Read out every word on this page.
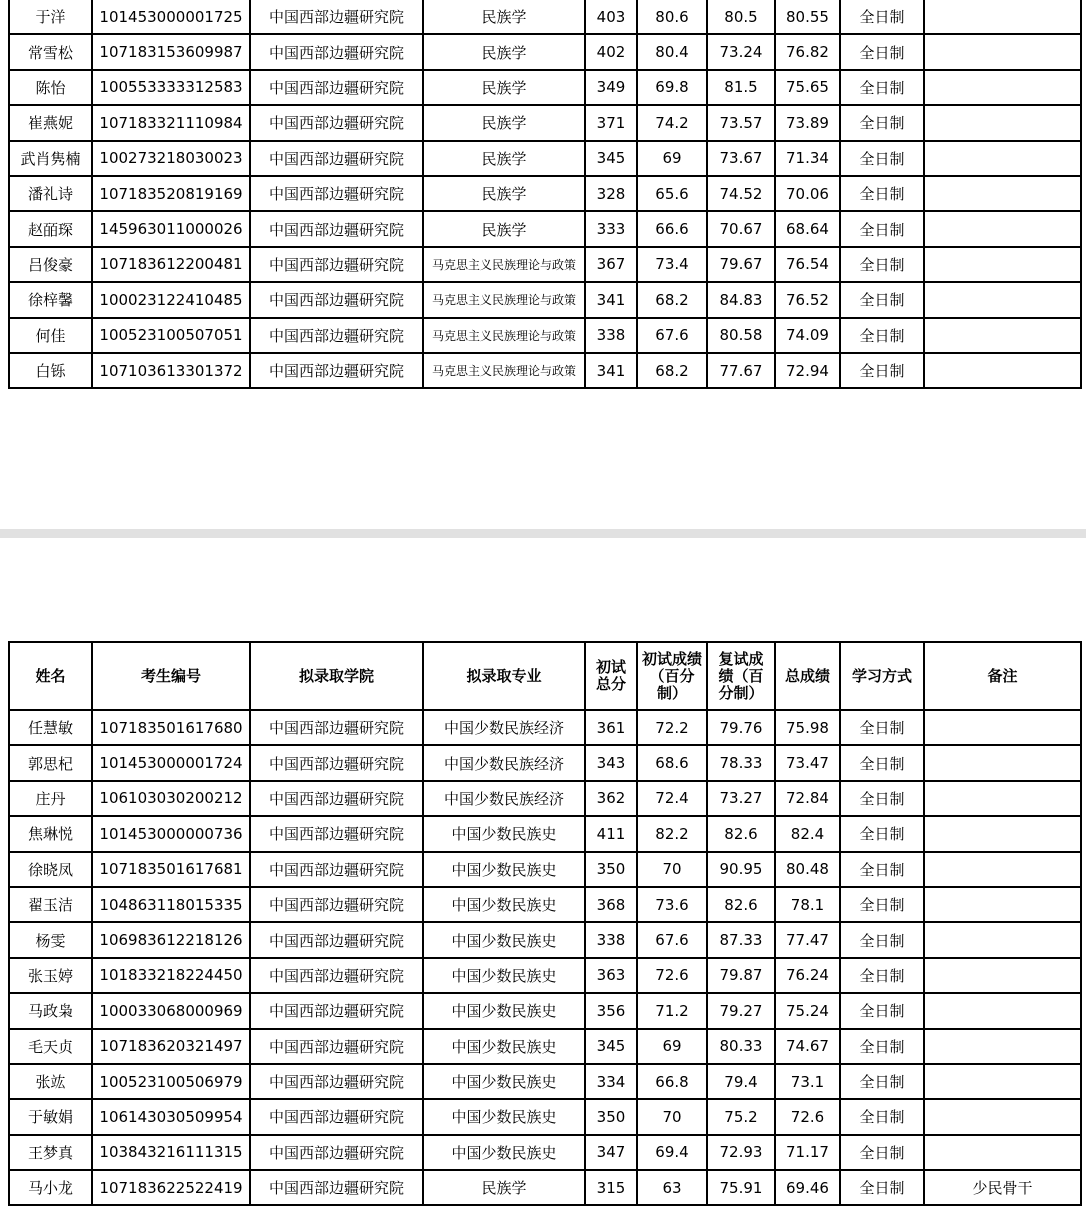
于洋	101453000001725	中国西部边疆研究院	民族学	403	80.6	80.5	80.55	全日制	
常雪松	107183153609987	中国西部边疆研究院	民族学	402	80.4	73.24	76.82	全日制	
陈怡	100553333312583	中国西部边疆研究院	民族学	349	69.8	81.5	75.65	全日制	
崔燕妮	107183321110984	中国西部边疆研究院	民族学	371	74.2	73.57	73.89	全日制	
武肖隽楠	100273218030023	中国西部边疆研究院	民族学	345	69	73.67	71.34	全日制	
潘礼诗	107183520819169	中国西部边疆研究院	民族学	328	65.6	74.52	70.06	全日制	
赵皕琛	145963011000026	中国西部边疆研究院	民族学	333	66.6	70.67	68.64	全日制	
吕俊豪	107183612200481	中国西部边疆研究院	马克思主义民族理论与政策	367	73.4	79.67	76.54	全日制	
徐梓馨	100023122410485	中国西部边疆研究院	马克思主义民族理论与政策	341	68.2	84.83	76.52	全日制	
何佳	100523100507051	中国西部边疆研究院	马克思主义民族理论与政策	338	67.6	80.58	74.09	全日制	
白铄	107103613301372	中国西部边疆研究院	马克思主义民族理论与政策	341	68.2	77.67	72.94	全日制	
姓名	考生编号	拟录取学院	拟录取专业	初试总分	初试成绩（百分制）	复试成绩（百分制）	总成绩	学习方式	备注
任慧敏	107183501617680	中国西部边疆研究院	中国少数民族经济	361	72.2	79.76	75.98	全日制	
郭思杞	101453000001724	中国西部边疆研究院	中国少数民族经济	343	68.6	78.33	73.47	全日制	
庄丹	106103030200212	中国西部边疆研究院	中国少数民族经济	362	72.4	73.27	72.84	全日制	
焦琳悦	101453000000736	中国西部边疆研究院	中国少数民族史	411	82.2	82.6	82.4	全日制	
徐晓凤	107183501617681	中国西部边疆研究院	中国少数民族史	350	70	90.95	80.48	全日制	
翟玉洁	104863118015335	中国西部边疆研究院	中国少数民族史	368	73.6	82.6	78.1	全日制	
杨雯	106983612218126	中国西部边疆研究院	中国少数民族史	338	67.6	87.33	77.47	全日制	
张玉婷	101833218224450	中国西部边疆研究院	中国少数民族史	363	72.6	79.87	76.24	全日制	
马政枭	100033068000969	中国西部边疆研究院	中国少数民族史	356	71.2	79.27	75.24	全日制	
毛天贞	107183620321497	中国西部边疆研究院	中国少数民族史	345	69	80.33	74.67	全日制	
张竑	100523100506979	中国西部边疆研究院	中国少数民族史	334	66.8	79.4	73.1	全日制	
于敏娟	106143030509954	中国西部边疆研究院	中国少数民族史	350	70	75.2	72.6	全日制	
王梦真	103843216111315	中国西部边疆研究院	中国少数民族史	347	69.4	72.93	71.17	全日制	
马小龙	107183622522419	中国西部边疆研究院	民族学	315	63	75.91	69.46	全日制	少民骨干
